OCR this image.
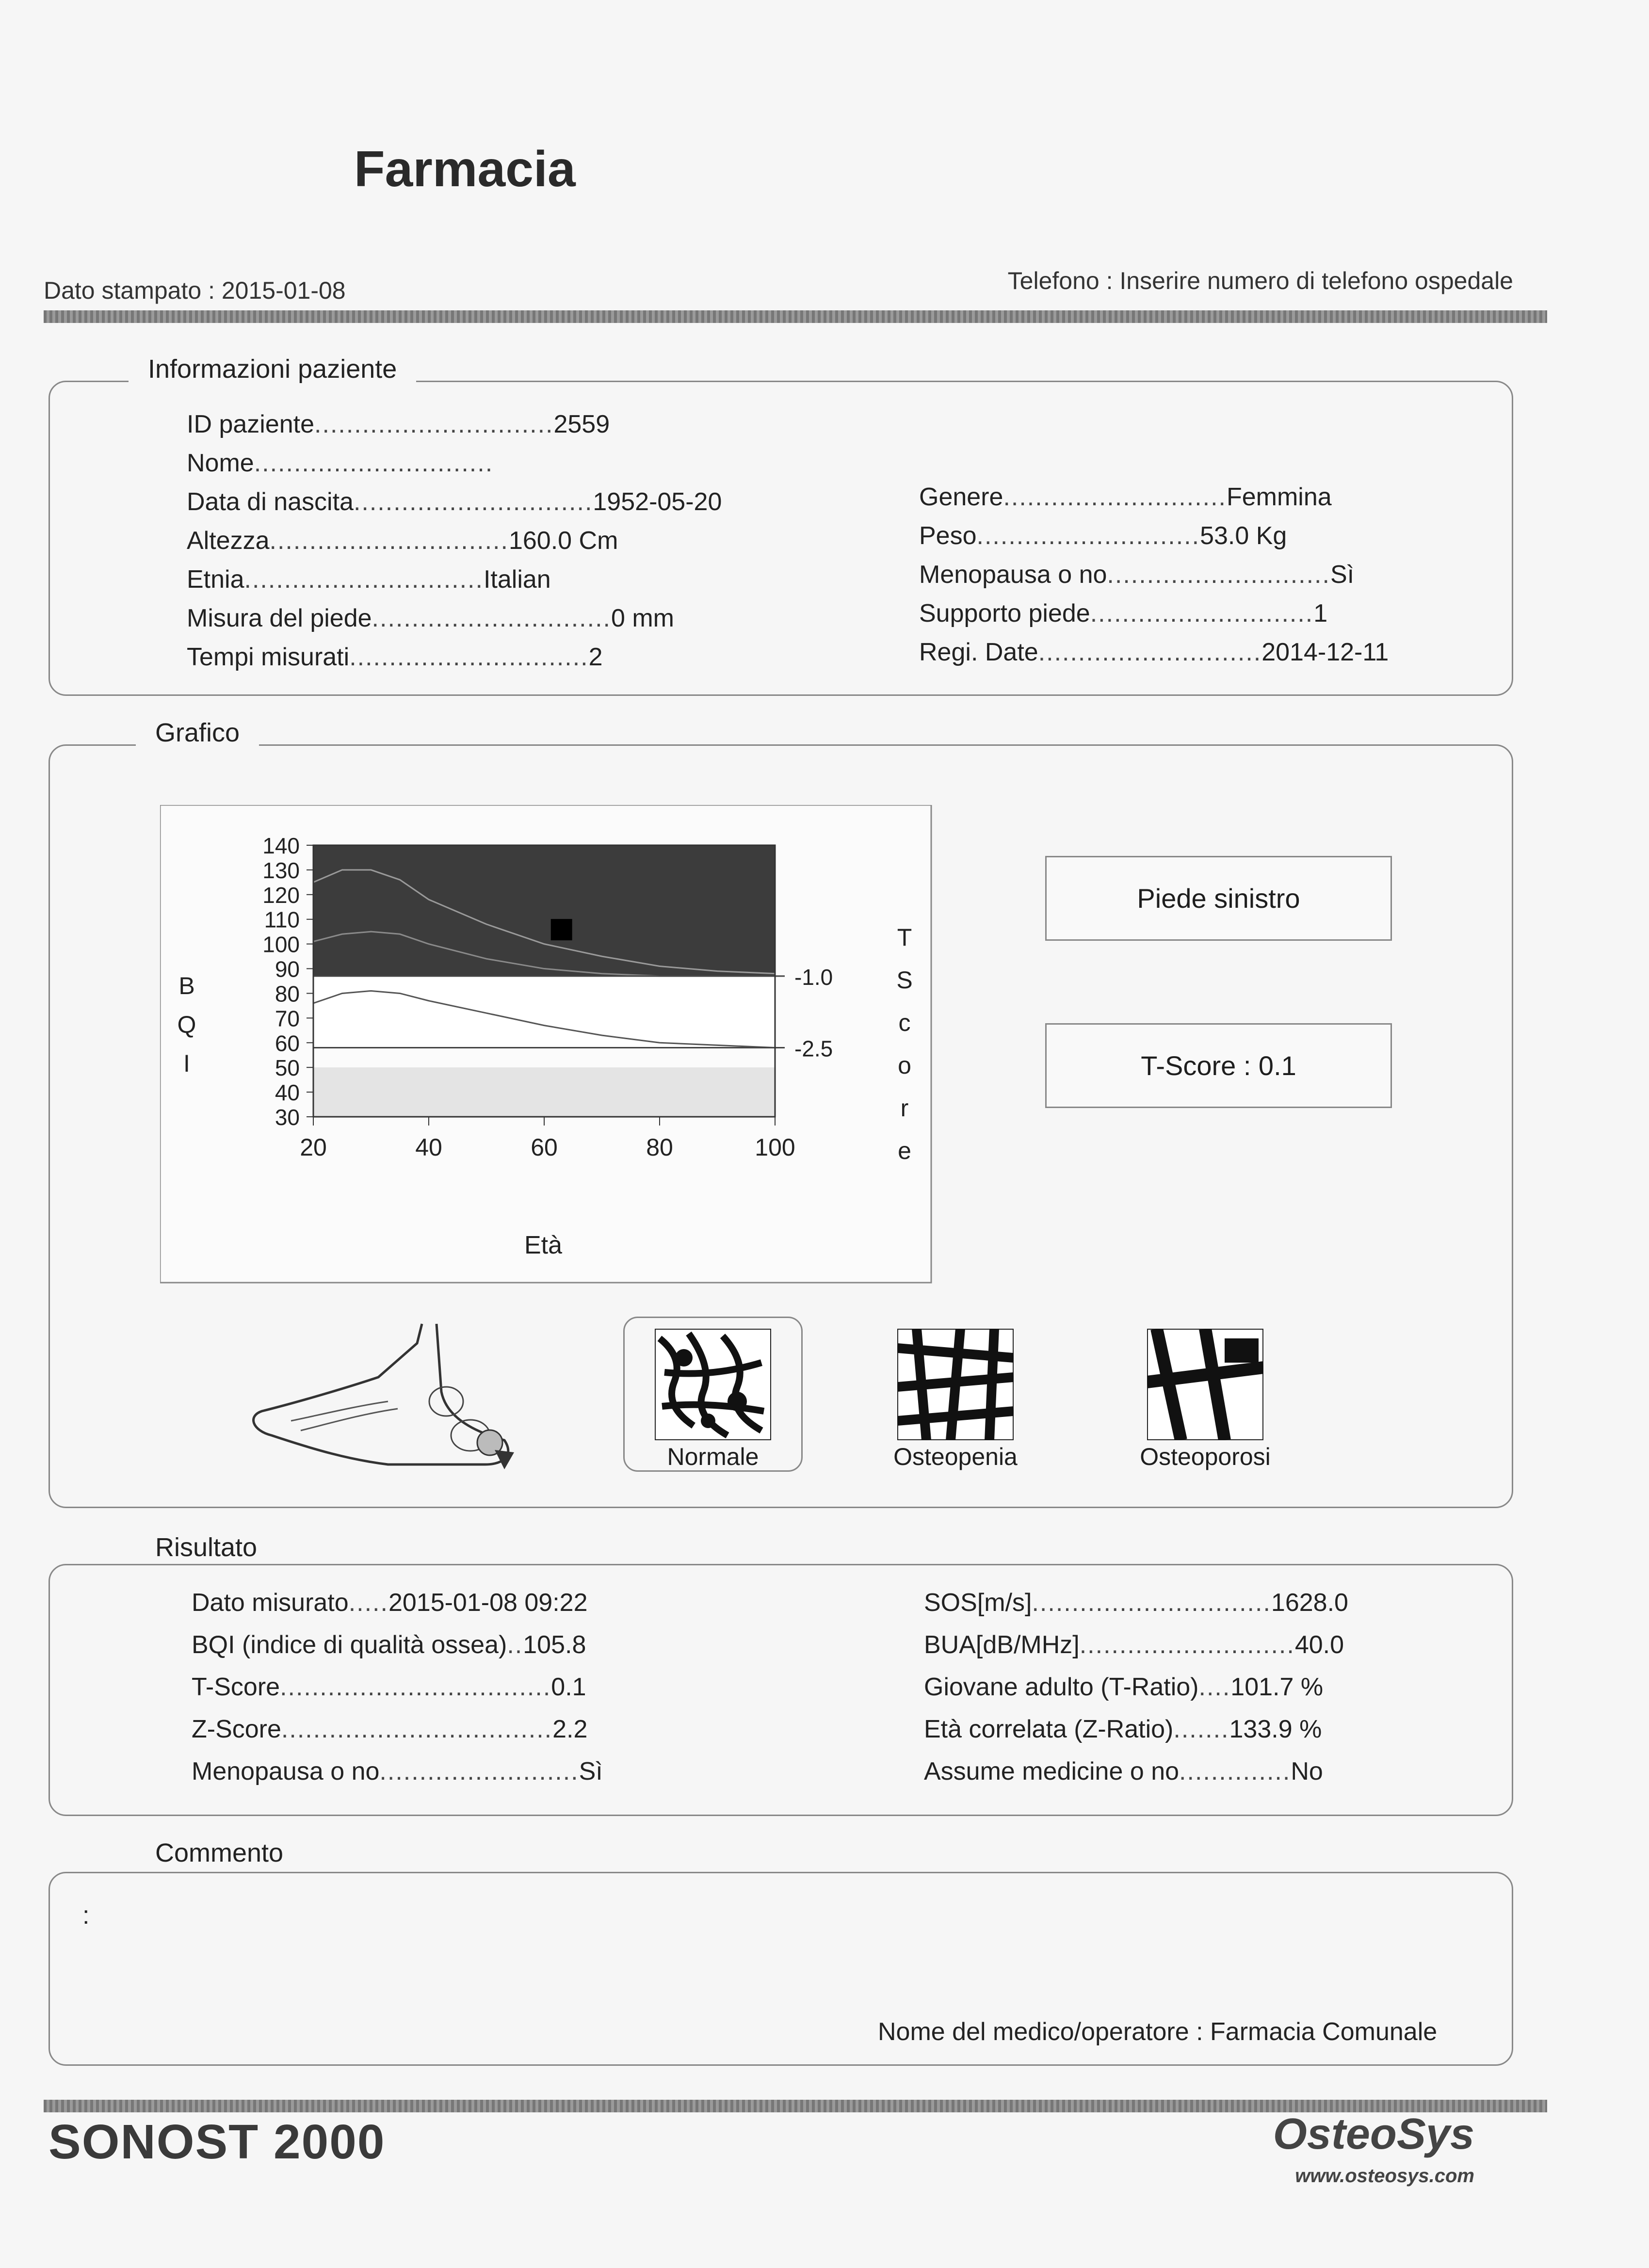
Farmacia
Dato stampato : 2015-01-08	Telefono : Inserire numero di telefono ospedale
Informazioni paziente
ID paziente..............................2559
Nome..............................
Data di nascita..............................1952-05-20
Altezza..............................160.0 Cm
Etnia..............................Italian
Misura del piede..............................0 mm
Tempi misurati..............................2
Genere............................Femmina
Peso............................53.0 Kg
Menopausa o no............................Sì
Supporto piede............................1
Regi. Date............................2014-12-11
Grafico
-1.0
-2.5
140
130
120
110
100
90
80
70
60
50
40
30
20	40	60	80	100
B
Q
I
Età
T
S
c
o
r
e
Piede sinistro
T-Score : 0.1
Normale	Osteopenia	Osteoporosi
Risultato
Dato misurato.....2015-01-08 09:22
BQI (indice di qualità ossea)..105.8
T-Score..................................0.1
Z-Score..................................2.2
Menopausa o no.........................Sì
SOS[m/s]..............................1628.0
BUA[dB/MHz]...........................40.0
Giovane adulto (T-Ratio)....101.7 %
Età correlata (Z-Ratio).......133.9 %
Assume medicine o no..............No
Commento
:
Nome del medico/operatore : Farmacia Comunale
SONOST 2000	OsteoSys
www.osteosys.com
